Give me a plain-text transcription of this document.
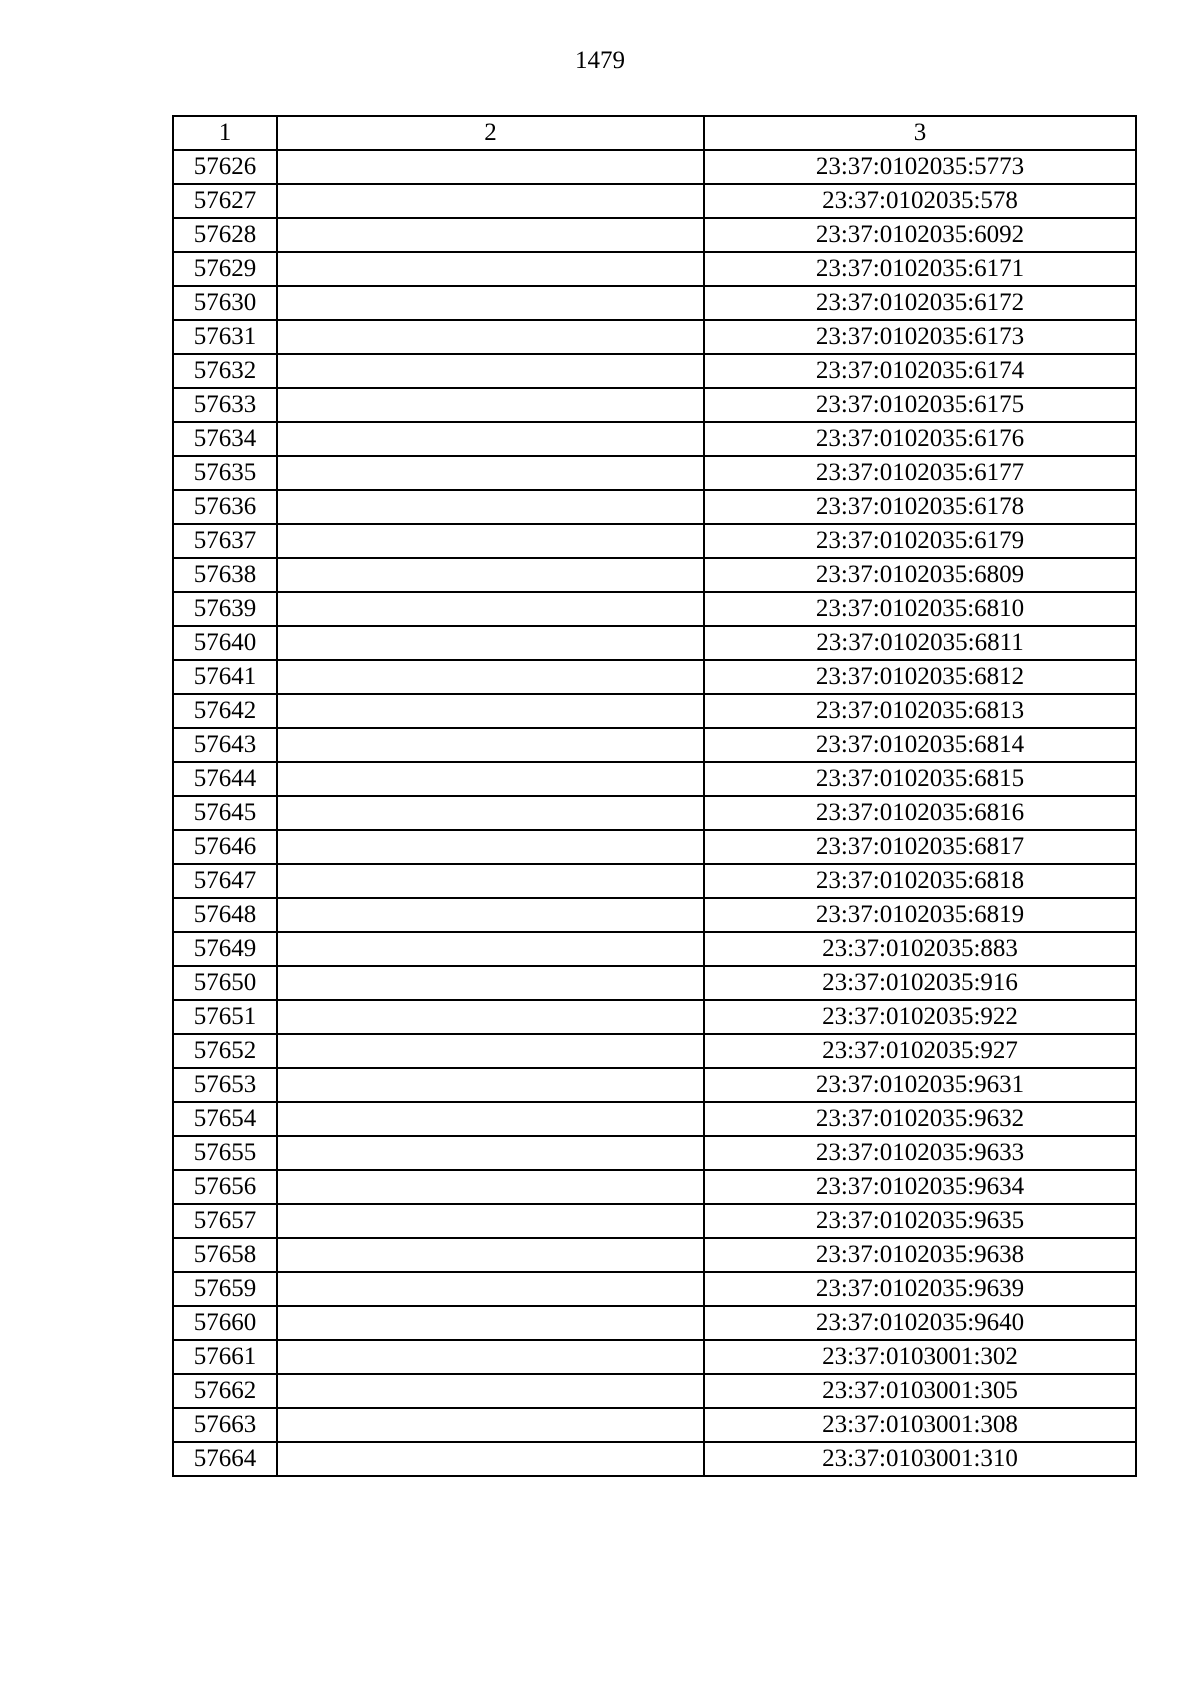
1479
1	2	3
57626		23:37:0102035:5773
57627		23:37:0102035:578
57628		23:37:0102035:6092
57629		23:37:0102035:6171
57630		23:37:0102035:6172
57631		23:37:0102035:6173
57632		23:37:0102035:6174
57633		23:37:0102035:6175
57634		23:37:0102035:6176
57635		23:37:0102035:6177
57636		23:37:0102035:6178
57637		23:37:0102035:6179
57638		23:37:0102035:6809
57639		23:37:0102035:6810
57640		23:37:0102035:6811
57641		23:37:0102035:6812
57642		23:37:0102035:6813
57643		23:37:0102035:6814
57644		23:37:0102035:6815
57645		23:37:0102035:6816
57646		23:37:0102035:6817
57647		23:37:0102035:6818
57648		23:37:0102035:6819
57649		23:37:0102035:883
57650		23:37:0102035:916
57651		23:37:0102035:922
57652		23:37:0102035:927
57653		23:37:0102035:9631
57654		23:37:0102035:9632
57655		23:37:0102035:9633
57656		23:37:0102035:9634
57657		23:37:0102035:9635
57658		23:37:0102035:9638
57659		23:37:0102035:9639
57660		23:37:0102035:9640
57661		23:37:0103001:302
57662		23:37:0103001:305
57663		23:37:0103001:308
57664		23:37:0103001:310
